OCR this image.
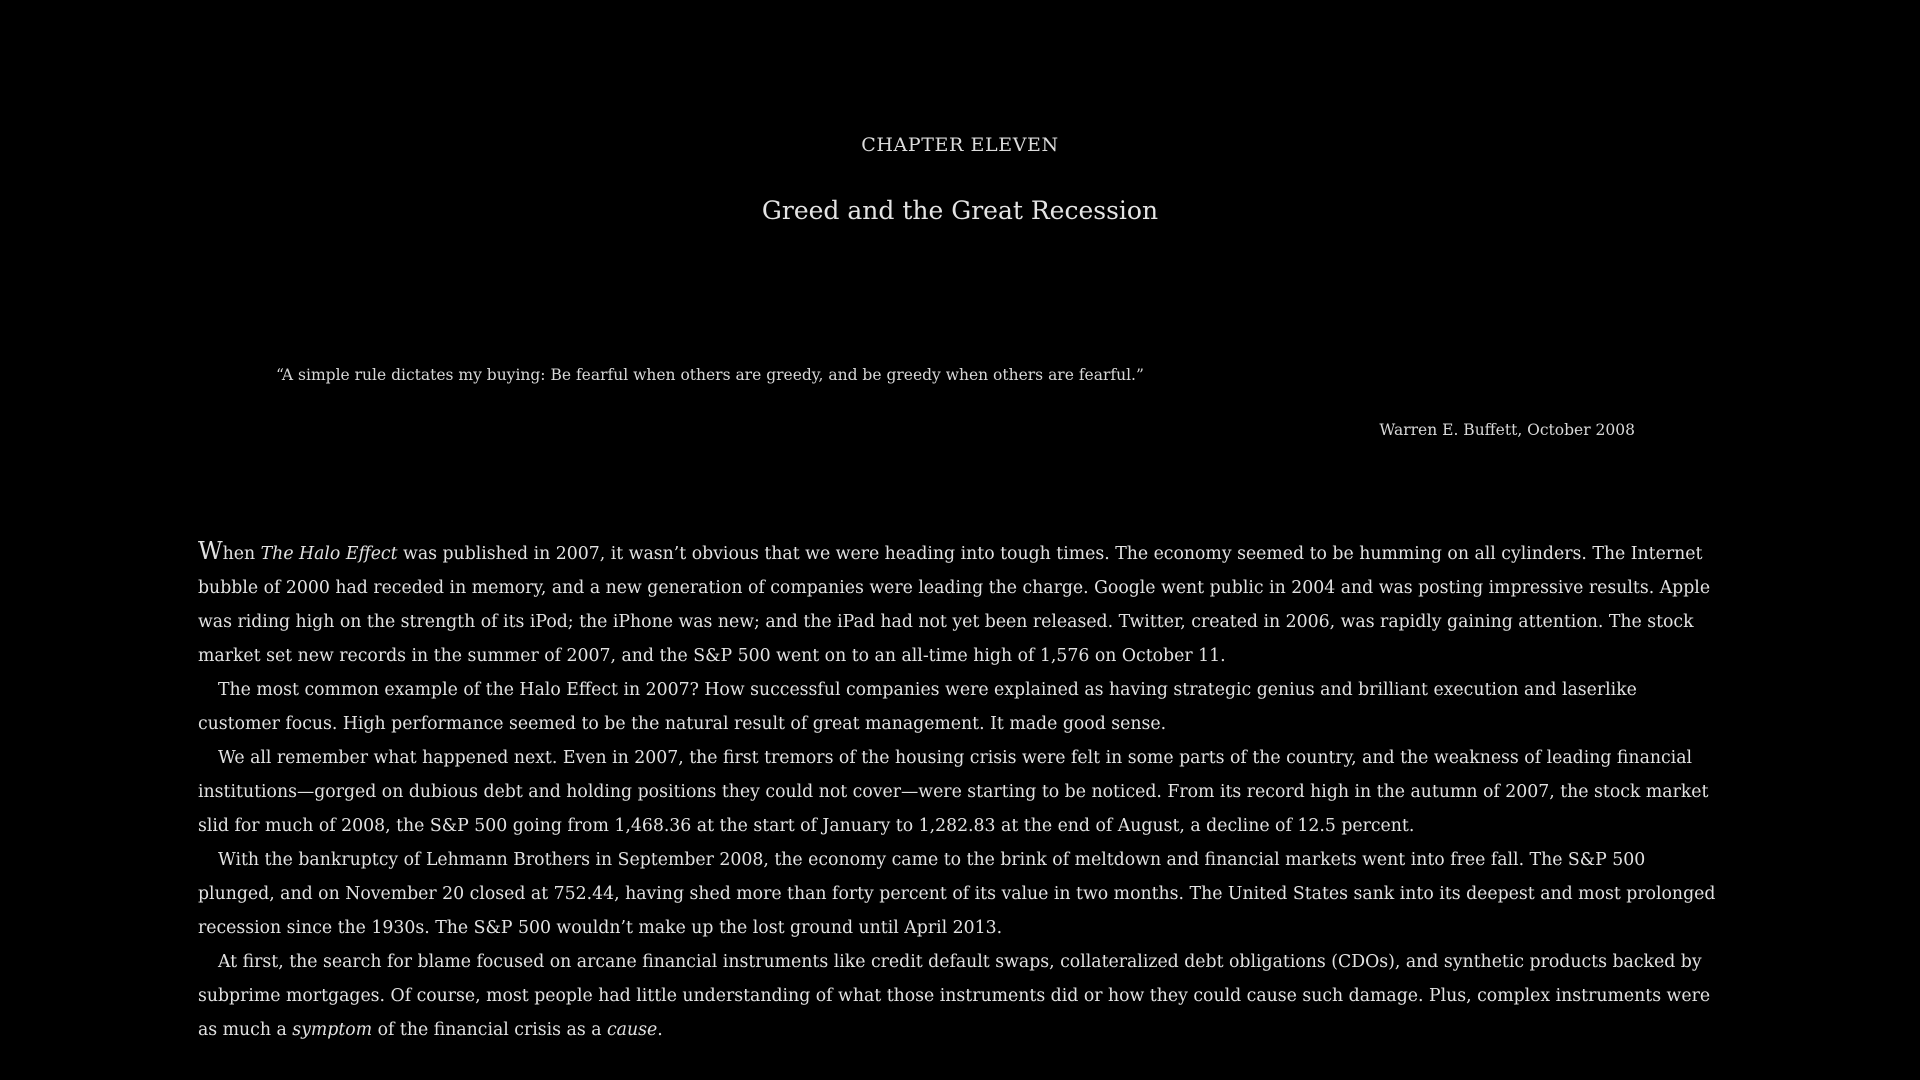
CHAPTER ELEVEN
Greed and the Great Recession
“A simple rule dictates my buying: Be fearful when others are greedy, and be greedy when others are fearful.”
Warren E. Buffett, October 2008

When The Halo Effect was published in 2007, it wasn’t obvious that we were heading into tough times. The economy seemed to be humming on all cylinders. The Internet bubble of 2000 had receded in memory, and a new generation of companies were leading the charge. Google went public in 2004 and was posting impressive results. Apple was riding high on the strength of its iPod; the iPhone was new; and the iPad had not yet been released. Twitter, created in 2006, was rapidly gaining attention. The stock market set new records in the summer of 2007, and the S&P 500 went on to an all-time high of 1,576 on October 11.

The most common example of the Halo Effect in 2007? How successful companies were explained as having strategic genius and brilliant execution and laserlike customer focus. High performance seemed to be the natural result of great management. It made good sense.

We all remember what happened next. Even in 2007, the first tremors of the housing crisis were felt in some parts of the country, and the weakness of leading financial institutions—gorged on dubious debt and holding positions they could not cover—were starting to be noticed. From its record high in the autumn of 2007, the stock market slid for much of 2008, the S&P 500 going from 1,468.36 at the start of January to 1,282.83 at the end of August, a decline of 12.5 percent.

With the bankruptcy of Lehmann Brothers in September 2008, the economy came to the brink of meltdown and financial markets went into free fall. The S&P 500 plunged, and on November 20 closed at 752.44, having shed more than forty percent of its value in two months. The United States sank into its deepest and most prolonged recession since the 1930s. The S&P 500 wouldn’t make up the lost ground until April 2013.

At first, the search for blame focused on arcane financial instruments like credit default swaps, collateralized debt obligations (CDOs), and synthetic products backed by subprime mortgages. Of course, most people had little understanding of what those instruments did or how they could cause such damage. Plus, complex instruments were as much a symptom of the financial crisis as a cause.
